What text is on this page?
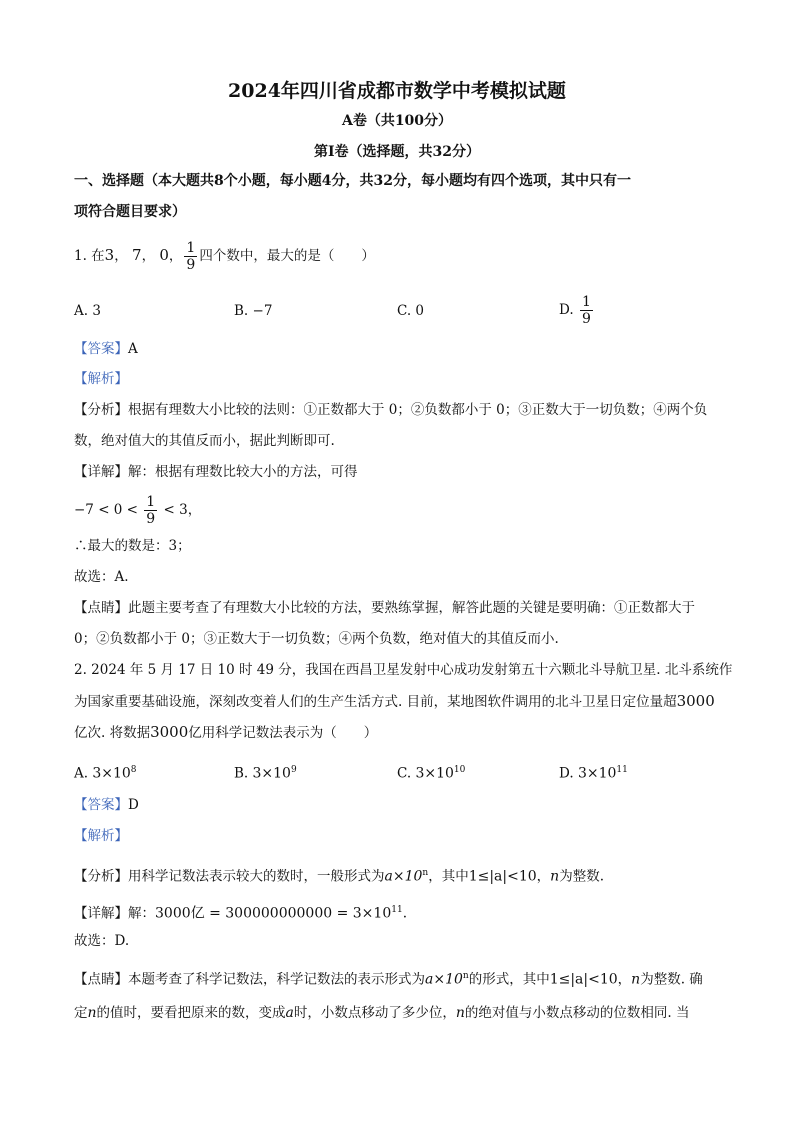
2024年四川省成都市数学中考模拟试题
A卷（共100分）
第I卷（选择题，共32分）
一、选择题（本大题共8个小题，每小题4分，共32分，每小题均有四个选项，其中只有一
项符合题目要求）
1. 在3， 7， 0， $\frac{1}{9}$ 四个数中，最大的是（　　）
A. 3	B. −7	C. 0	D. $\frac{1}{9}$
【答案】A
【解析】
【分析】根据有理数大小比较的法则：①正数都大于 0；②负数都小于 0；③正数大于一切负数；④两个负
数，绝对值大的其值反而小，据此判断即可.
【详解】解：根据有理数比较大小的方法，可得
$-7 < 0 < \frac{1}{9} < 3$，
∴最大的数是：3；
故选：A.
【点睛】此题主要考查了有理数大小比较的方法，要熟练掌握，解答此题的关键是要明确：①正数都大于
0；②负数都小于 0；③正数大于一切负数；④两个负数，绝对值大的其值反而小.
2. 2024 年 5 月 17 日 10 时 49 分，我国在西昌卫星发射中心成功发射第五十六颗北斗导航卫星. 北斗系统作
为国家重要基础设施，深刻改变着人们的生产生活方式. 目前，某地图软件调用的北斗卫星日定位量超3000
亿次. 将数据3000亿用科学记数法表示为（　　）
A. $3\times 10^8$	B. $3\times 10^9$	C. $3\times 10^{10}$	D. $3\times 10^{11}$
【答案】D
【解析】
【分析】用科学记数法表示较大的数时，一般形式为$a\times 10^n$，其中1≤|a|<10，n为整数.
【详解】解：3000亿 = $300000000000 = 3\times 10^{11}$.
故选：D.
【点睛】本题考查了科学记数法，科学记数法的表示形式为$a\times 10^n$的形式，其中1≤|a|<10，n为整数. 确
定n的值时，要看把原来的数，变成a时，小数点移动了多少位，n的绝对值与小数点移动的位数相同. 当
